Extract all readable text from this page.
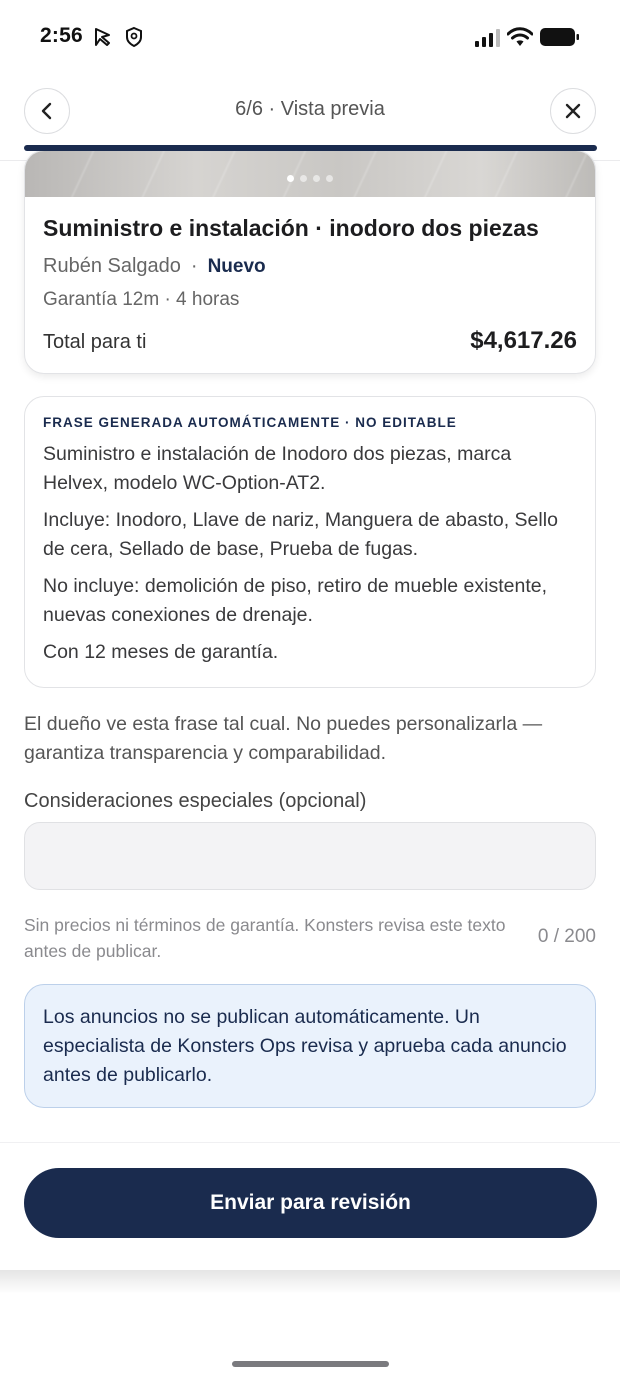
2:56
6/6 · Vista previa
Suministro e instalación · inodoro dos piezas
Rubén Salgado · Nuevo
Garantía 12m · 4 horas
Total para ti	$4,617.26
FRASE GENERADA AUTOMÁTICAMENTE · NO EDITABLE

Suministro e instalación de Inodoro dos piezas, marca Helvex, modelo WC-Option-AT2.

Incluye: Inodoro, Llave de nariz, Manguera de abasto, Sello de cera, Sellado de base, Prueba de fugas.

No incluye: demolición de piso, retiro de mueble existente, nuevas conexiones de drenaje.

Con 12 meses de garantía.

El dueño ve esta frase tal cual. No puedes personalizarla — garantiza transparencia y comparabilidad.
Consideraciones especiales (opcional)
Sin precios ni términos de garantía. Konsters revisa este texto antes de publicar.
0 / 200
Los anuncios no se publican automáticamente. Un especialista de Konsters Ops revisa y aprueba cada anuncio antes de publicarlo.
Enviar para revisión
